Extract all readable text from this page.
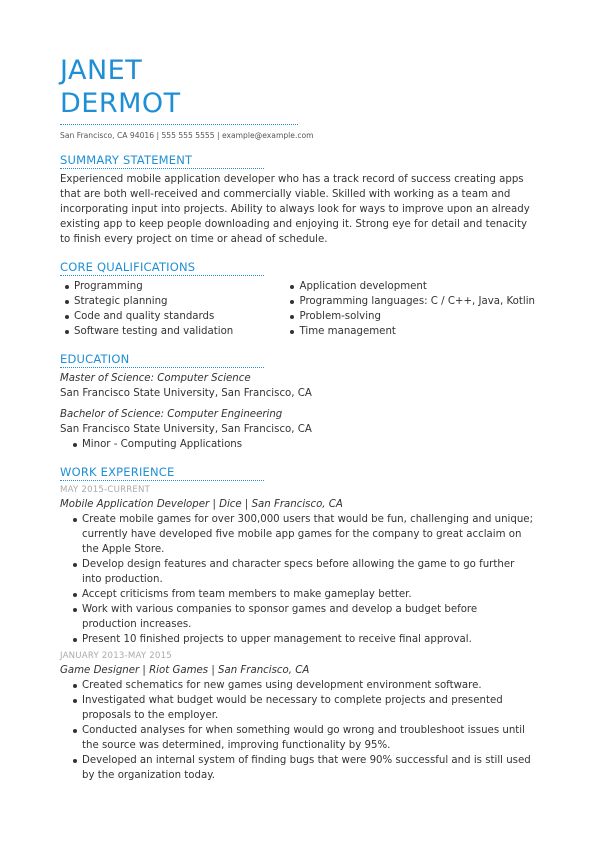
JANET
DERMOT
San Francisco, CA 94016 | 555 555 5555 | example@example.com
SUMMARY STATEMENT
Experienced mobile application developer who has a track record of success creating apps that are both well-received and commercially viable. Skilled with working as a team and incorporating input into projects. Ability to always look for ways to improve upon an already existing app to keep people downloading and enjoying it. Strong eye for detail and tenacity to finish every project on time or ahead of schedule.
CORE QUALIFICATIONS
Programming
Strategic planning
Code and quality standards
Software testing and validation
Application development
Programming languages: C / C++, Java, Kotlin
Problem-solving
Time management
EDUCATION
Master of Science: Computer Science
San Francisco State University, San Francisco, CA
Bachelor of Science: Computer Engineering
San Francisco State University, San Francisco, CA
Minor - Computing Applications
WORK EXPERIENCE
MAY 2015-CURRENT
Mobile Application Developer | Dice | San Francisco, CA
Create mobile games for over 300,000 users that would be fun, challenging and unique; currently have developed five mobile app games for the company to great acclaim on the Apple Store.
Develop design features and character specs before allowing the game to go further into production.
Accept criticisms from team members to make gameplay better.
Work with various companies to sponsor games and develop a budget before production increases.
Present 10 finished projects to upper management to receive final approval.
JANUARY 2013-MAY 2015
Game Designer | Riot Games | San Francisco, CA
Created schematics for new games using development environment software.
Investigated what budget would be necessary to complete projects and presented proposals to the employer.
Conducted analyses for when something would go wrong and troubleshoot issues until the source was determined, improving functionality by 95%.
Developed an internal system of finding bugs that were 90% successful and is still used by the organization today.
